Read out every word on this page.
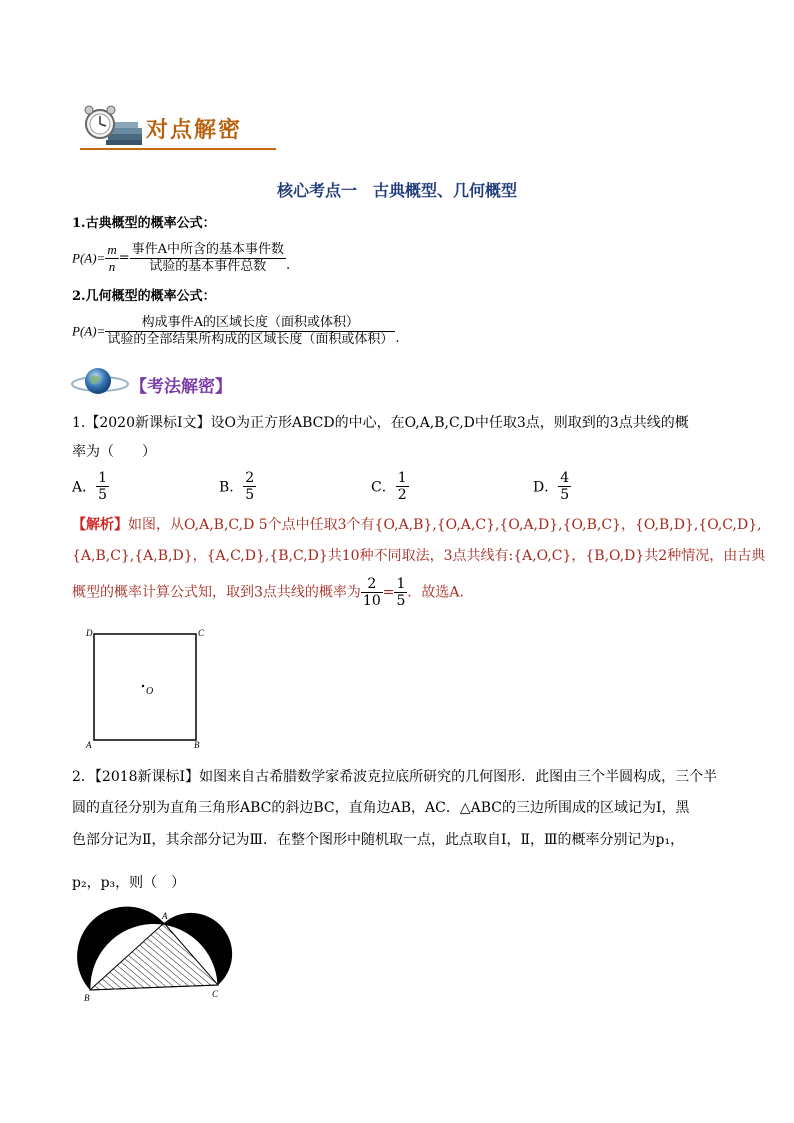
对点解密
核心考点一　古典概型、几何概型
1.古典概型的概率公式：
$P(A)= \frac{m}{n} = \frac{\text{事件A中所含的基本事件数}}{\text{试验的基本事件总数}}$ .
2.几何概型的概率公式：
$P(A)= \frac{\text{构成事件A的区域长度（面积或体积）}}{\text{试验的全部结果所构成的区域长度（面积或体积）}}$ .
【考法解密】
1.【2020新课标Ⅰ文】设O为正方形ABCD的中心，在O,A,B,C,D中任取3点，则取到的3点共线的概
率为（　　）
A． $\frac{1}{5}$	B． $\frac{2}{5}$	C． $\frac{1}{2}$	D． $\frac{4}{5}$
【解析】如图，从O,A,B,C,D 5个点中任取3个有{O,A,B},{O,A,C},{O,A,D},{O,B,C}，{O,B,D},{O,C,D},
{A,B,C},{A,B,D}，{A,C,D},{B,C,D}共10种不同取法，3点共线有:{A,O,C}，{B,O,D}共2种情况，由古典
概型的概率计算公式知，取到3点共线的概率为 $\frac{2}{10} = \frac{1}{5}$ ．故选A．
D	C
A	B
O
2．【2018新课标Ⅰ】如图来自古希腊数学家希波克拉底所研究的几何图形．此图由三个半圆构成，三个半
圆的直径分别为直角三角形ABC的斜边BC，直角边AB，AC．△ABC的三边所围成的区域记为Ⅰ，黑
色部分记为Ⅱ，其余部分记为Ⅲ．在整个图形中随机取一点，此点取自Ⅰ，Ⅱ，Ⅲ的概率分别记为p₁，
p₂，p₃，则（　）
A
B	C
